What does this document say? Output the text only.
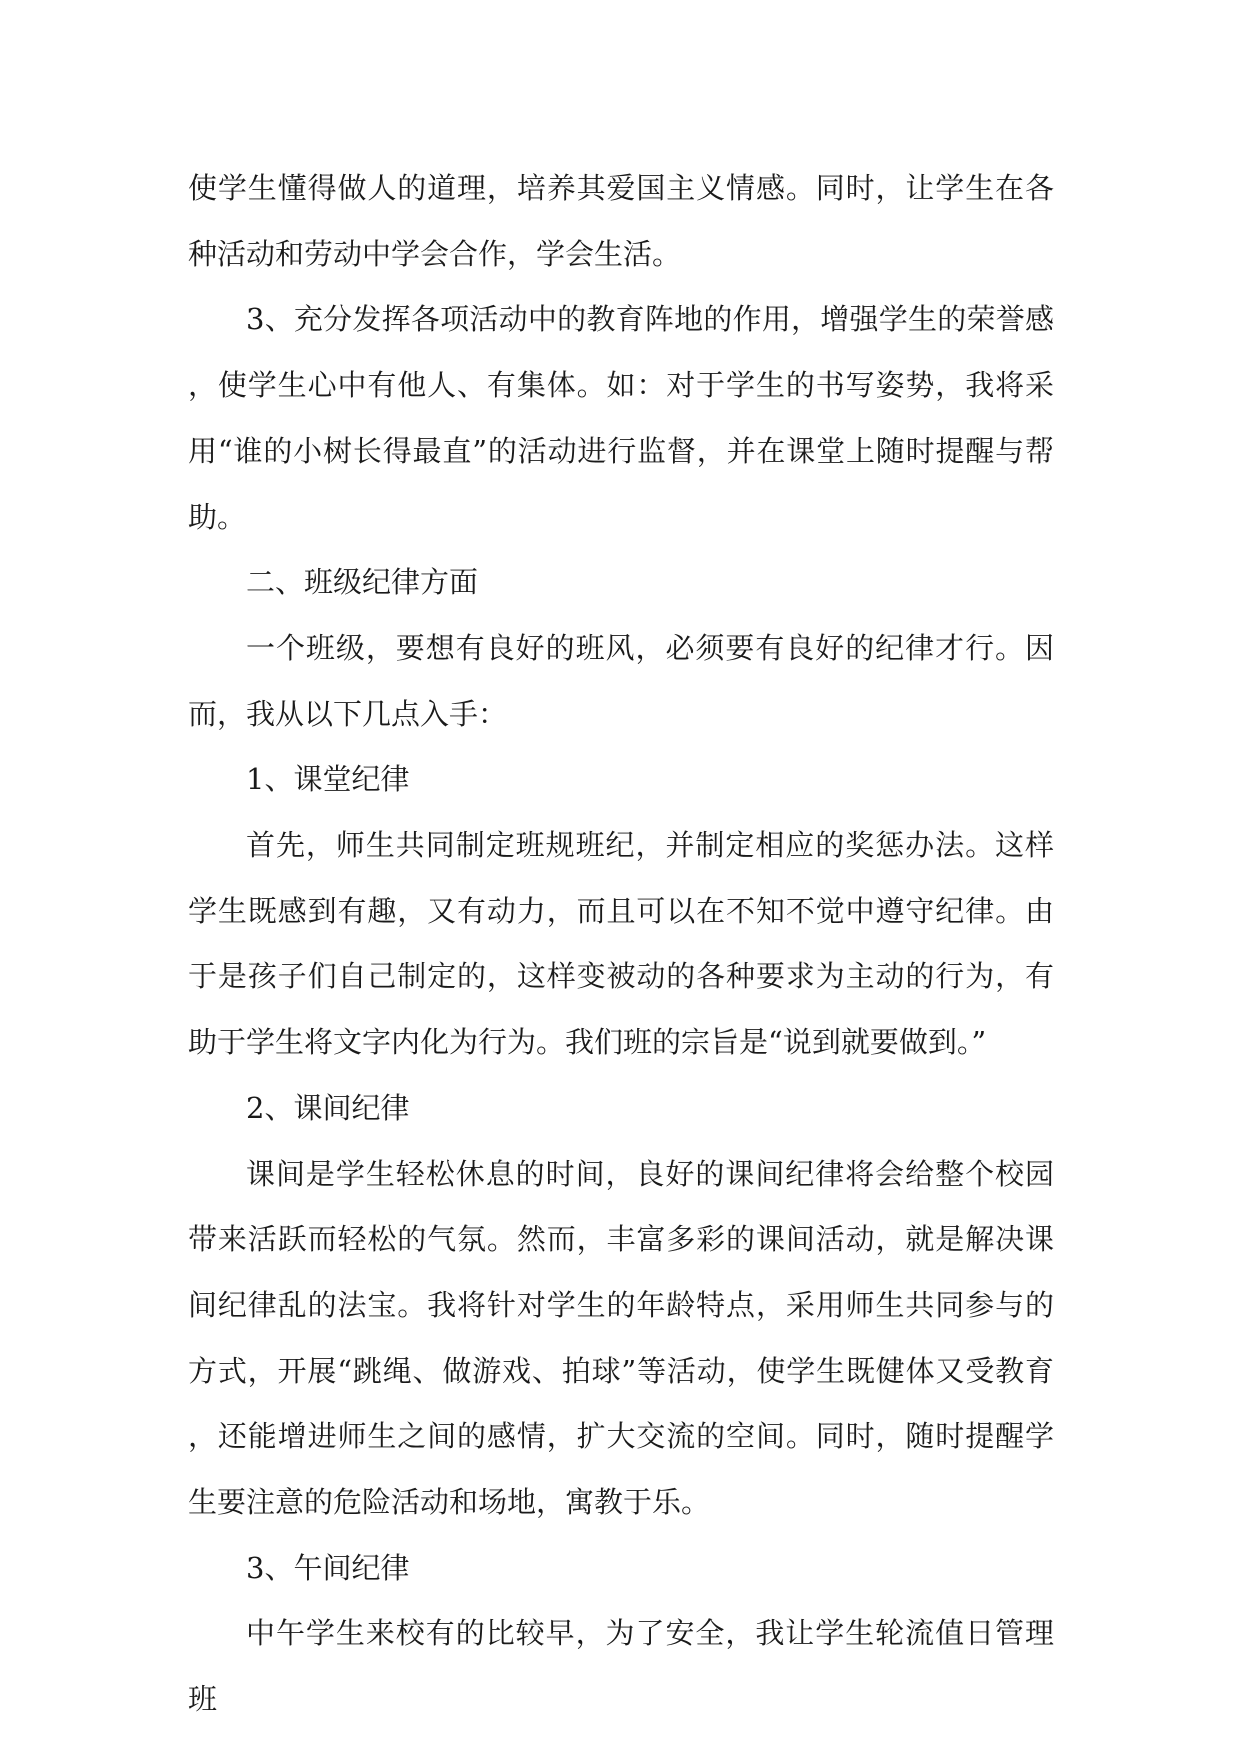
使学生懂得做人的道理，培养其爱国主义情感。同时，让学生在各种活动和劳动中学会合作，学会生活。

3、充分发挥各项活动中的教育阵地的作用，增强学生的荣誉感，使学生心中有他人、有集体。如：对于学生的书写姿势，我将采用“谁的小树长得最直”的活动进行监督，并在课堂上随时提醒与帮助。

二、班级纪律方面

一个班级，要想有良好的班风，必须要有良好的纪律才行。因而，我从以下几点入手：

1、课堂纪律

首先，师生共同制定班规班纪，并制定相应的奖惩办法。这样学生既感到有趣，又有动力，而且可以在不知不觉中遵守纪律。由于是孩子们自己制定的，这样变被动的各种要求为主动的行为，有助于学生将文字内化为行为。我们班的宗旨是“说到就要做到。”

2、课间纪律

课间是学生轻松休息的时间，良好的课间纪律将会给整个校园带来活跃而轻松的气氛。然而，丰富多彩的课间活动，就是解决课间纪律乱的法宝。我将针对学生的年龄特点，采用师生共同参与的方式，开展“跳绳、做游戏、拍球”等活动，使学生既健体又受教育，还能增进师生之间的感情，扩大交流的空间。同时，随时提醒学生要注意的危险活动和场地，寓教于乐。

3、午间纪律

中午学生来校有的比较早，为了安全，我让学生轮流值日管理班
